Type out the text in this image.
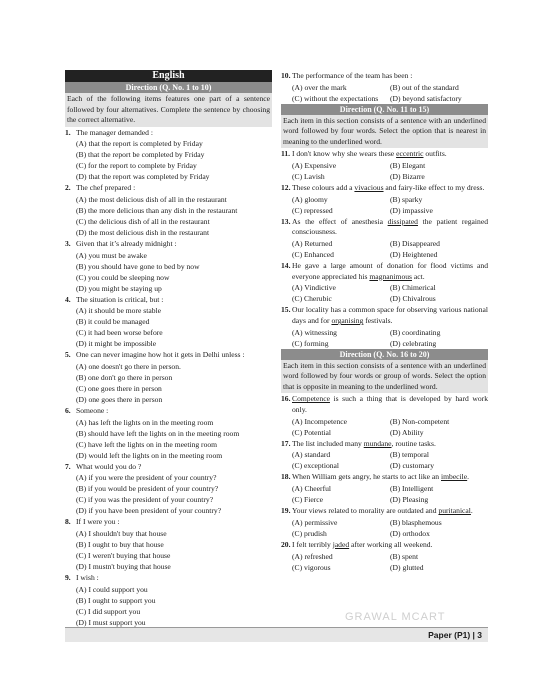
English
Direction (Q. No. 1 to 10)
Each of the following items features one part of a sentence followed by four alternatives. Complete the sentence by choosing the correct alternative.
1. The manager demanded :
(A) that the report is completed by Friday
(B) that the report be completed by Friday
(C) for the report to complete by Friday
(D) that the report was completed by Friday
2. The chef prepared :
(A) the most delicious dish of all in the restaurant
(B) the more delicious than any dish in the restaurant
(C) the delicious dish of all in the restaurant
(D) the most delicious dish in the restaurant
3. Given that it’s already midnight :
(A) you must be awake
(B) you should have gone to bed by now
(C) you could be sleeping now
(D) you might be staying up
4. The situation is critical, but :
(A) it should be more stable
(B) it could be managed
(C) it had been worse before
(D) it might be impossible
5. One can never imagine how hot it gets in Delhi unless :
(A) one doesn't go there in person.
(B) one don't go there in person
(C) one goes there in person
(D) one goes there in person
6. Someone :
(A) has left the lights on in the meeting room
(B) should have left the lights on in the meeting room
(C) have left the lights on in the meeting room
(D) would left the lights on in the meeting room
7. What would you do ?
(A) if you were the president of your country?
(B) if you would be president of your country?
(C) if you was the president of your country?
(D) if you have been president of your country?
8. If I were you :
(A) I shouldn't buy that house
(B) I ought to buy that house
(C) I weren't buying that house
(D) I mustn't buying that house
9. I wish :
(A) I could support you
(B) I ought to support you
(C) I did support you
(D) I must support you
10. The performance of the team has been :
(A) over the mark	(B) out of the standard
(C) without the expectations	(D) beyond satisfactory
Direction (Q. No. 11 to 15)
Each item in this section consists of a sentence with an underlined word followed by four words. Select the option that is nearest in meaning to the underlined word.
11. I don't know why she wears these eccentric outfits.
(A) Expensive	(B) Elegant
(C) Lavish	(D) Bizarre
12. These colours add a vivacious and fairy-like effect to my dress.
(A) gloomy	(B) sparky
(C) repressed	(D) impassive
13. As the effect of anesthesia dissipated the patient regained consciousness.
(A) Returned	(B) Disappeared
(C) Enhanced	(D) Heightened
14. He gave a large amount of donation for flood victims and everyone appreciated his magnanimous act.
(A) Vindictive	(B) Chimerical
(C) Cherubic	(D) Chivalrous
15. Our locality has a common space for observing various national days and for organising festivals.
(A) witnessing	(B) coordinating
(C) forming	(D) celebrating
Direction (Q. No. 16 to 20)
Each item in this section consists of a sentence with an underlined word followed by four words or group of words. Select the option that is opposite in meaning to the underlined word.
16. Competence is such a thing that is developed by hard work only.
(A) Incompetence	(B) Non-competent
(C) Potential	(D) Ability
17. The list included many mundane, routine tasks.
(A) standard	(B) temporal
(C) exceptional	(D) customary
18. When William gets angry, he starts to act like an imbecile.
(A) Cheerful	(B) Intelligent
(C) Fierce	(D) Pleasing
19. Your views related to morality are outdated and puritanical.
(A) permissive	(B) blasphemous
(C) prudish	(D) orthodox
20. I felt terribly jaded after working all weekend.
(A) refreshed	(B) spent
(C) vigorous	(D) glutted
GRAWAL MCART
Paper (P1) | 3
